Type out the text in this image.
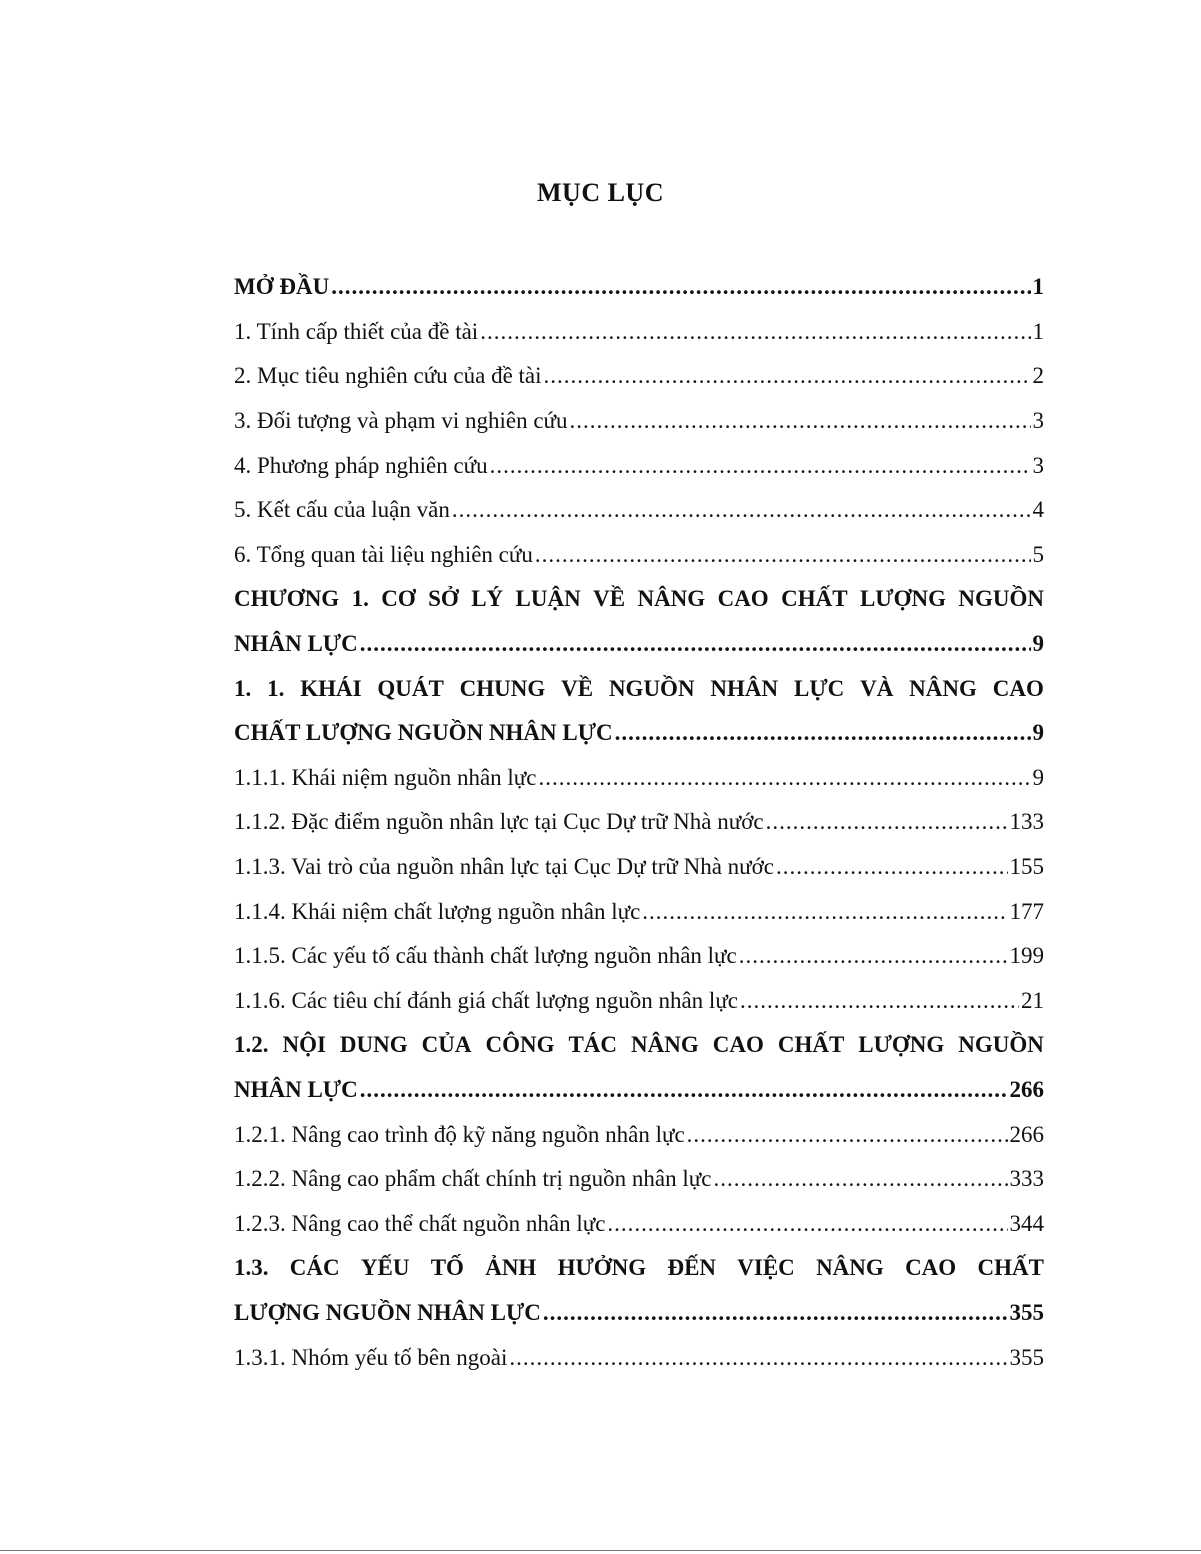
MỤC LỤC
MỞ ĐẦU .....	1
1. Tính cấp thiết của đề tài .....	1
2. Mục tiêu nghiên cứu của đề tài .....	2
3. Đối tượng và phạm vi nghiên cứu .....	3
4. Phương pháp nghiên cứu .....	3
5. Kết cấu của luận văn .....	4
6. Tổng quan tài liệu nghiên cứu .....	5
CHƯƠNG 1. CƠ SỞ LÝ LUẬN VỀ NÂNG CAO CHẤT LƯỢNG NGUỒN
NHÂN LỰC .....	9
1. 1. KHÁI QUÁT CHUNG VỀ NGUỒN NHÂN LỰC VÀ NÂNG CAO
CHẤT LƯỢNG NGUỒN NHÂN LỰC .....	9
1.1.1. Khái niệm nguồn nhân lực .....	9
1.1.2. Đặc điểm nguồn nhân lực tại Cục Dự trữ Nhà nước .....	133
1.1.3. Vai trò của nguồn nhân lực tại Cục Dự trữ Nhà nước .....	155
1.1.4. Khái niệm chất lượng nguồn nhân lực .....	177
1.1.5. Các yếu tố cấu thành chất lượng nguồn nhân lực .....	199
1.1.6. Các tiêu chí đánh giá chất lượng nguồn nhân lực .....	21
1.2. NỘI DUNG CỦA CÔNG TÁC NÂNG CAO CHẤT LƯỢNG NGUỒN
NHÂN LỰC .....	266
1.2.1. Nâng cao trình độ kỹ năng nguồn nhân lực .....	266
1.2.2. Nâng cao phẩm chất chính trị nguồn nhân lực .....	333
1.2.3. Nâng cao thể chất nguồn nhân lực .....	344
1.3. CÁC YẾU TỐ ẢNH HƯỞNG ĐẾN VIỆC NÂNG CAO CHẤT
LƯỢNG NGUỒN NHÂN LỰC .....	355
1.3.1. Nhóm yếu tố bên ngoài .....	355
